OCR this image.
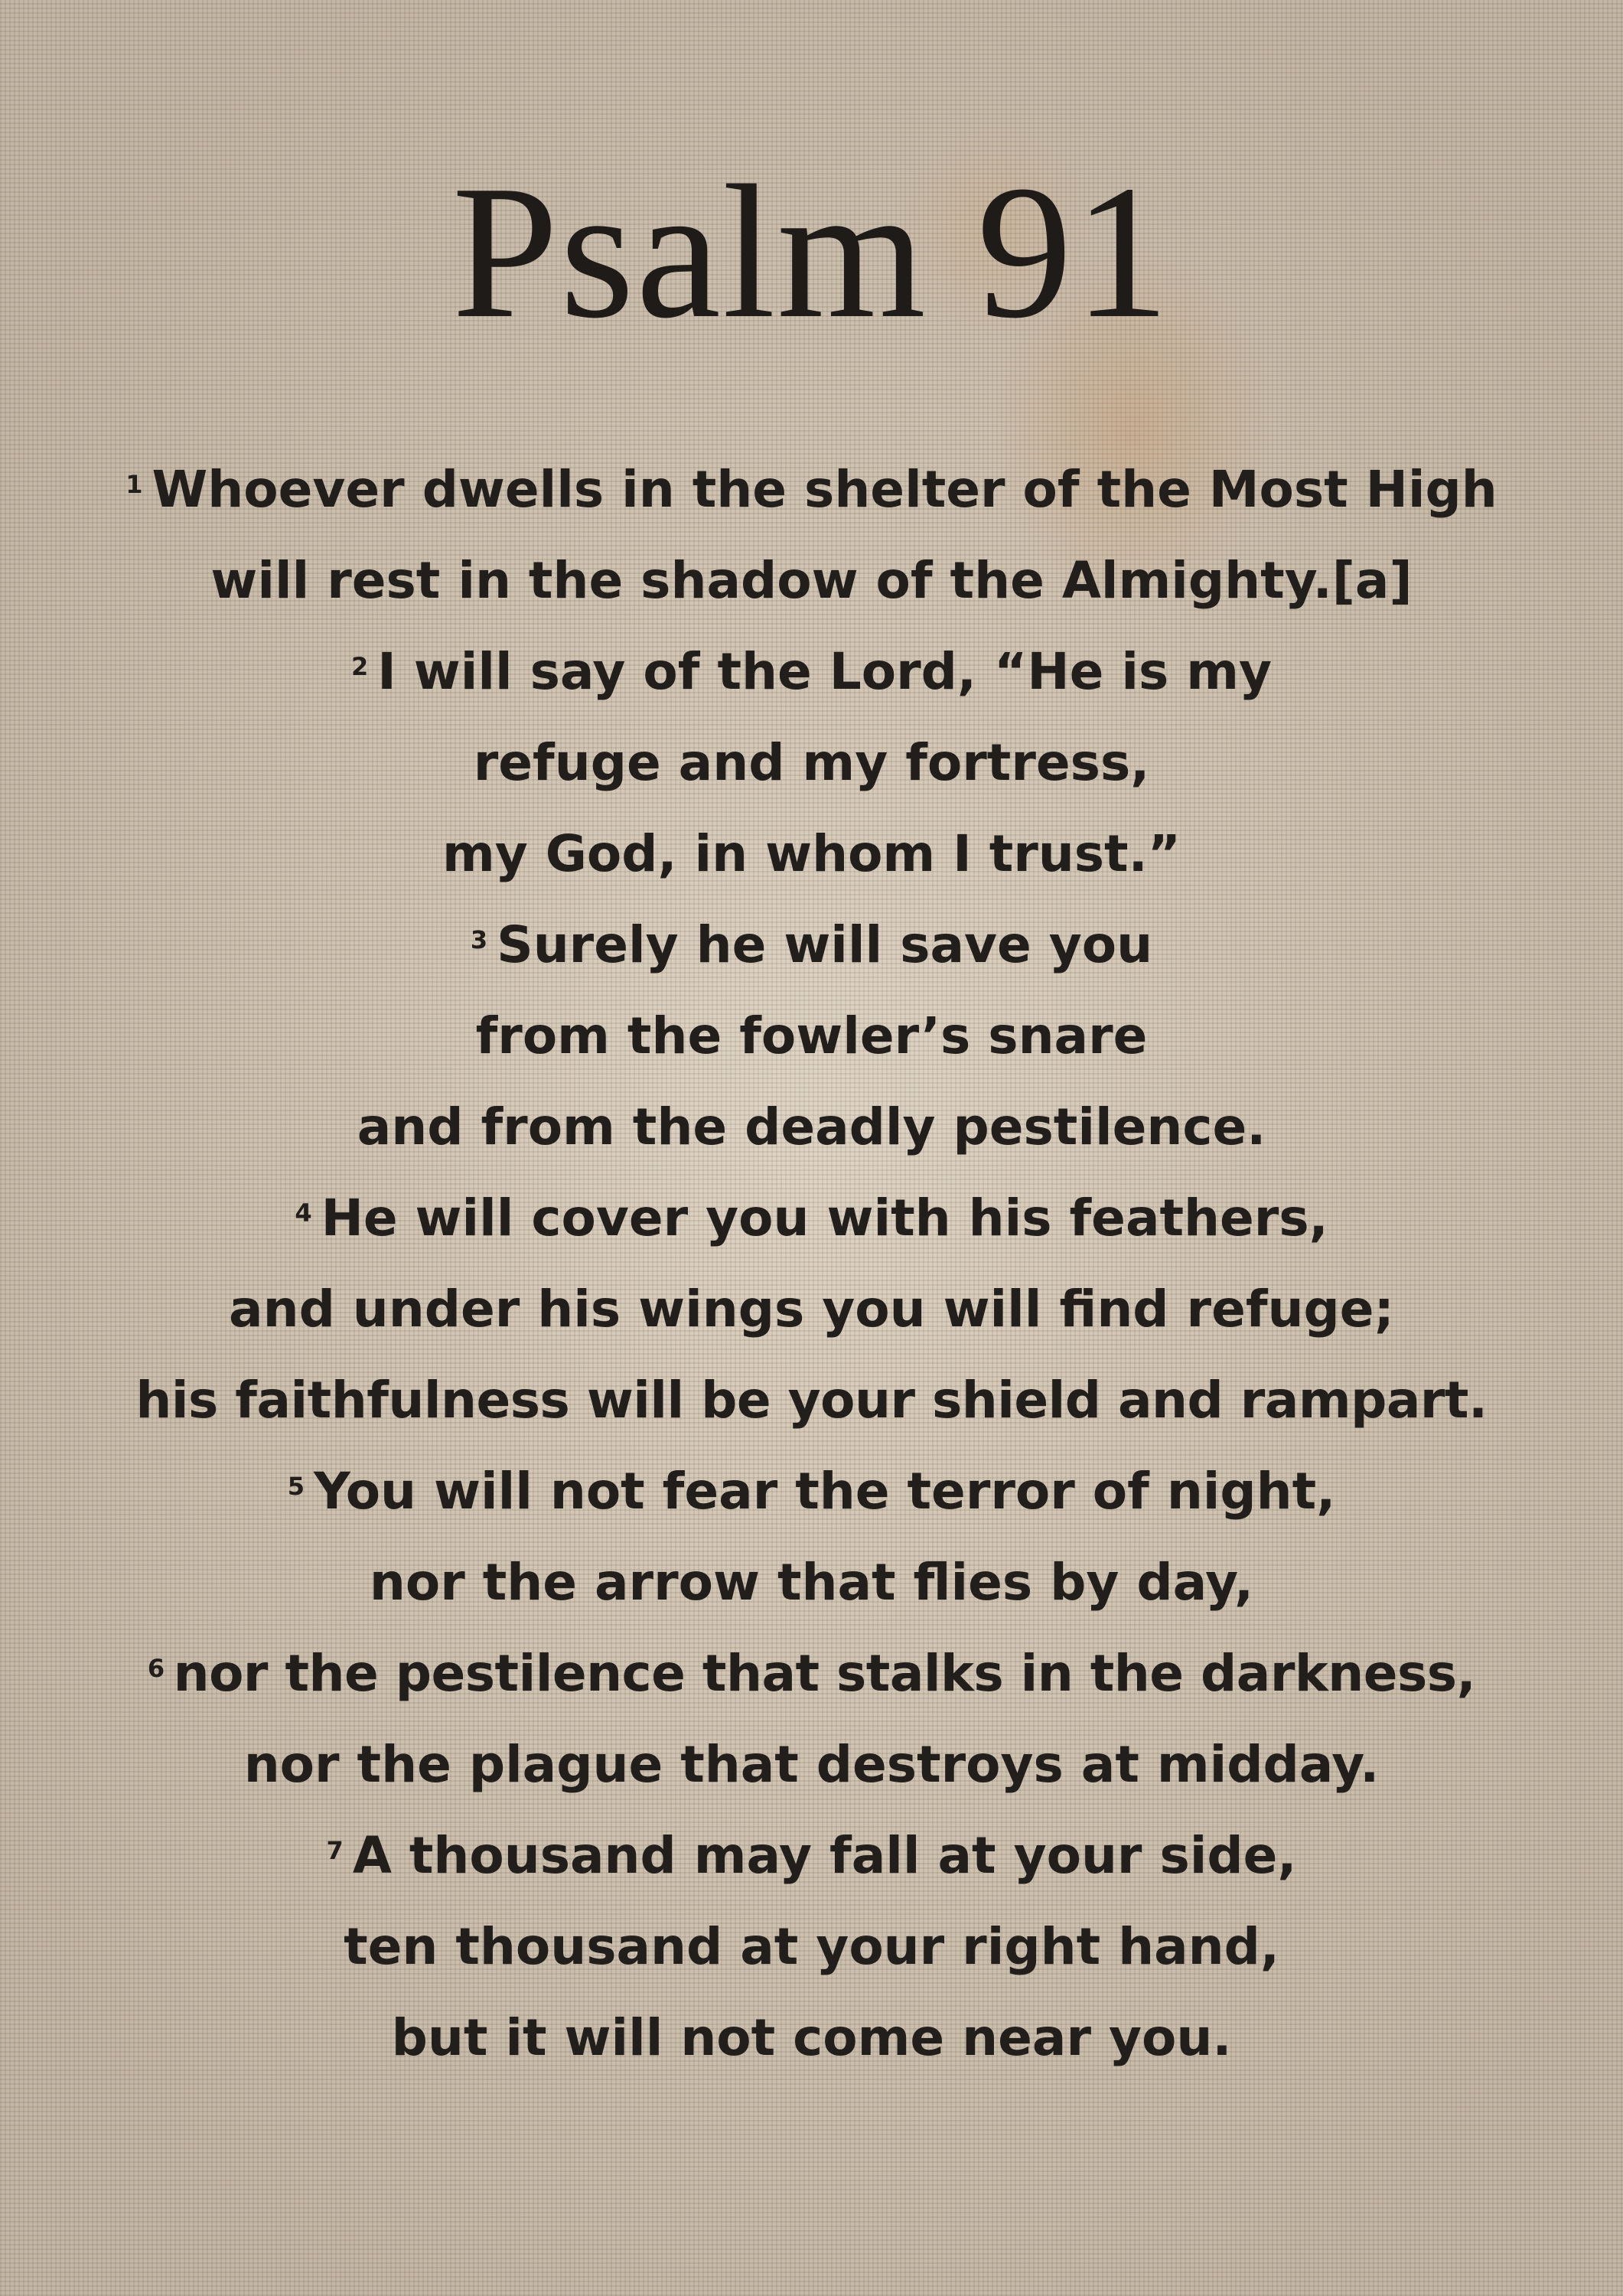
Psalm 91
$^1$ Whoever dwells in the shelter of the Most High
will rest in the shadow of the Almighty.[a]
$^2$ I will say of the Lord, “He is my
refuge and my fortress,
my God, in whom I trust.”
$^3$ Surely he will save you
from the fowler’s snare
and from the deadly pestilence.
$^4$ He will cover you with his feathers,
and under his wings you will find refuge;
his faithfulness will be your shield and rampart.
$^5$ You will not fear the terror of night,
nor the arrow that flies by day,
$^6$ nor the pestilence that stalks in the darkness,
nor the plague that destroys at midday.
$^7$ A thousand may fall at your side,
ten thousand at your right hand,
but it will not come near you.
